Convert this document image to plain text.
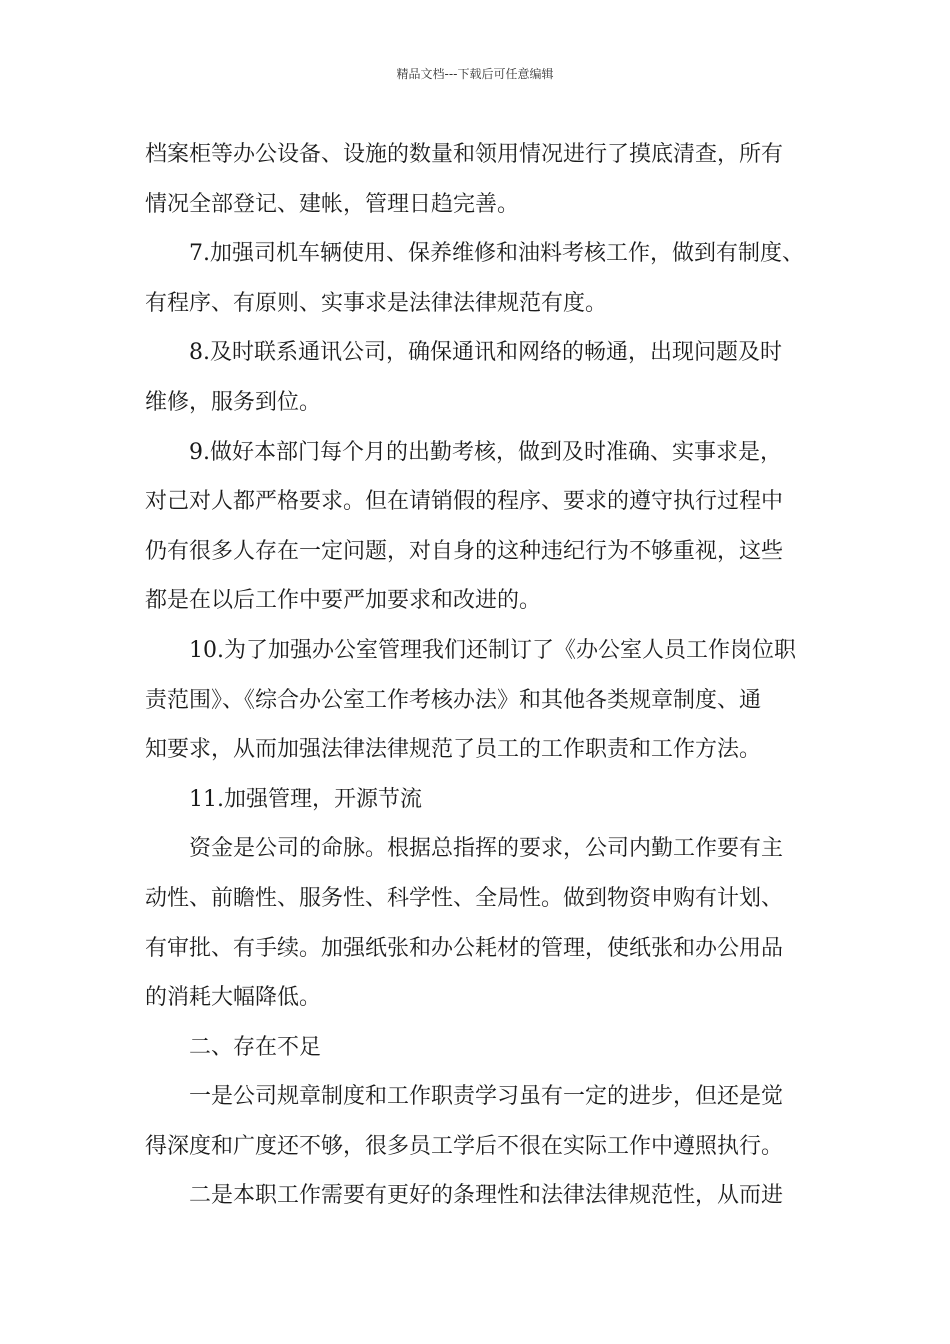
精品文档---下载后可任意编辑
档案柜等办公设备、设施的数量和领用情况进行了摸底清查，所有
情况全部登记、建帐，管理日趋完善。
7.加强司机车辆使用、保养维修和油料考核工作，做到有制度、
有程序、有原则、实事求是法律法律规范有度。
8.及时联系通讯公司，确保通讯和网络的畅通，出现问题及时
维修，服务到位。
9.做好本部门每个月的出勤考核，做到及时准确、实事求是，
对己对人都严格要求。但在请销假的程序、要求的遵守执行过程中
仍有很多人存在一定问题，对自身的这种违纪行为不够重视，这些
都是在以后工作中要严加要求和改进的。
10.为了加强办公室管理我们还制订了《办公室人员工作岗位职
责范围》、《综合办公室工作考核办法》和其他各类规章制度、通
知要求，从而加强法律法律规范了员工的工作职责和工作方法。
11.加强管理，开源节流
资金是公司的命脉。根据总指挥的要求，公司内勤工作要有主
动性、前瞻性、服务性、科学性、全局性。做到物资申购有计划、
有审批、有手续。加强纸张和办公耗材的管理，使纸张和办公用品
的消耗大幅降低。
二、存在不足
一是公司规章制度和工作职责学习虽有一定的进步，但还是觉
得深度和广度还不够，很多员工学后不很在实际工作中遵照执行。
二是本职工作需要有更好的条理性和法律法律规范性，从而进
